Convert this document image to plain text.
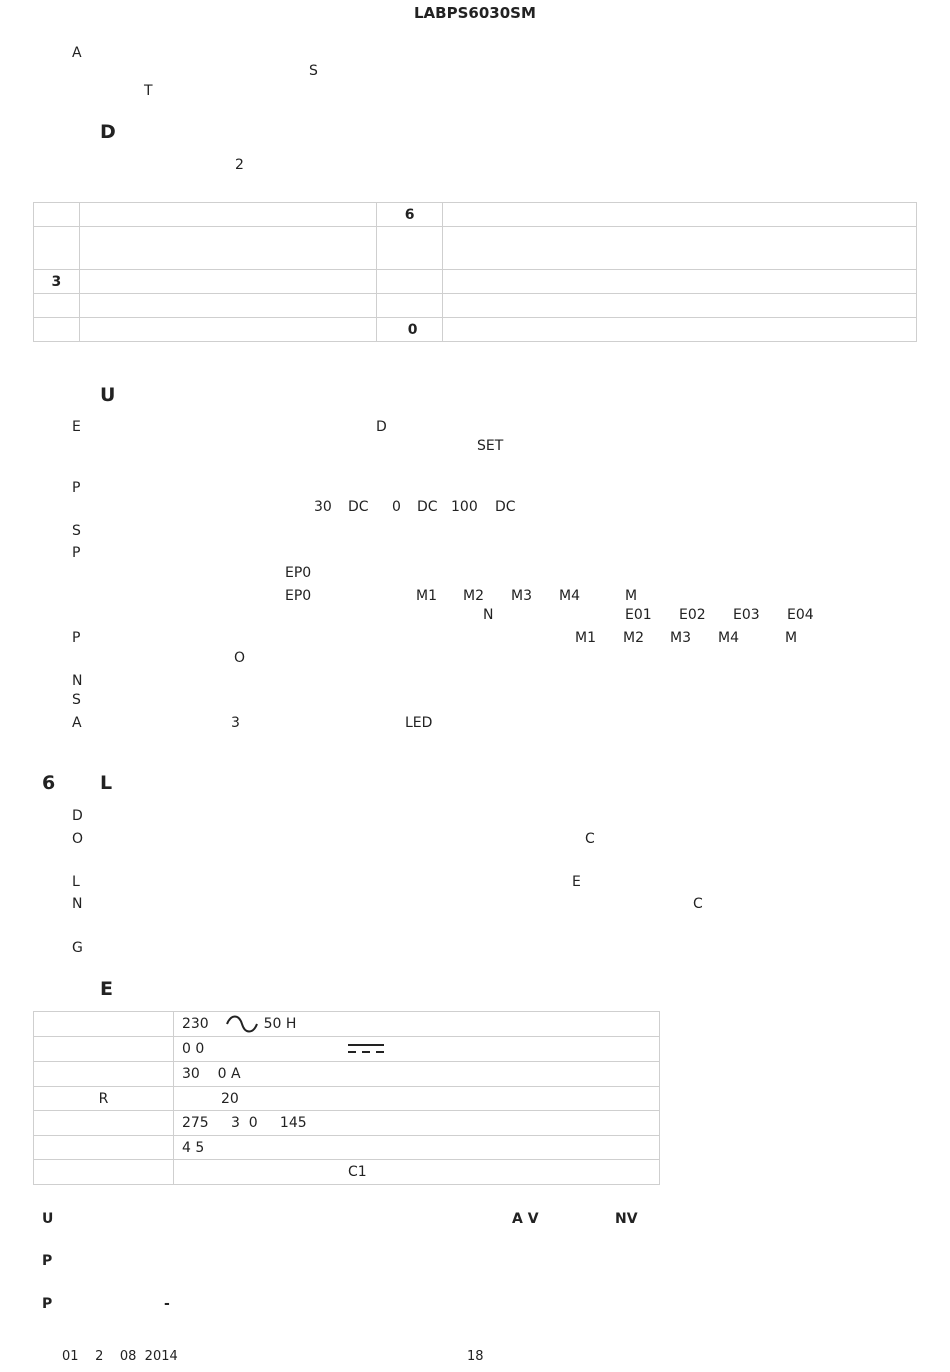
LABPS6030SM
A
S
T
D
2
		6	

3			

		0	
U
E	D
SET
P
30 DC 0 DC 100 DC
S
P
EP0
EP0	M1 M2 M3 M4	M
N	E01 E02 E03 E04
P	M1 M2 M3 M4	M
O
N
S
A	3	LED
6 L
D
O	C
L	E
N	C
G
E
	230 50 H
	0 0
	30    0 A
R	20
	275     3  0     145
	4 5
	C1
U	A V	NV
P
P	-
01    2    08  2014	18
